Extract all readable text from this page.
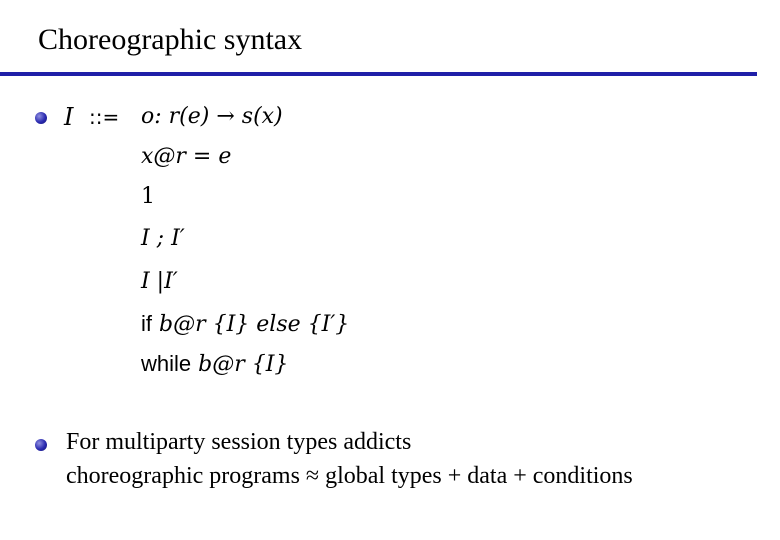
Choreographic syntax
I ::= o: r(e) → s(x)
x@r = e
1
I ; I′
I |I′
if b@r {I} else {I′}
while b@r {I}
For multiparty session types addicts
choreographic programs ≈ global types + data + conditions
